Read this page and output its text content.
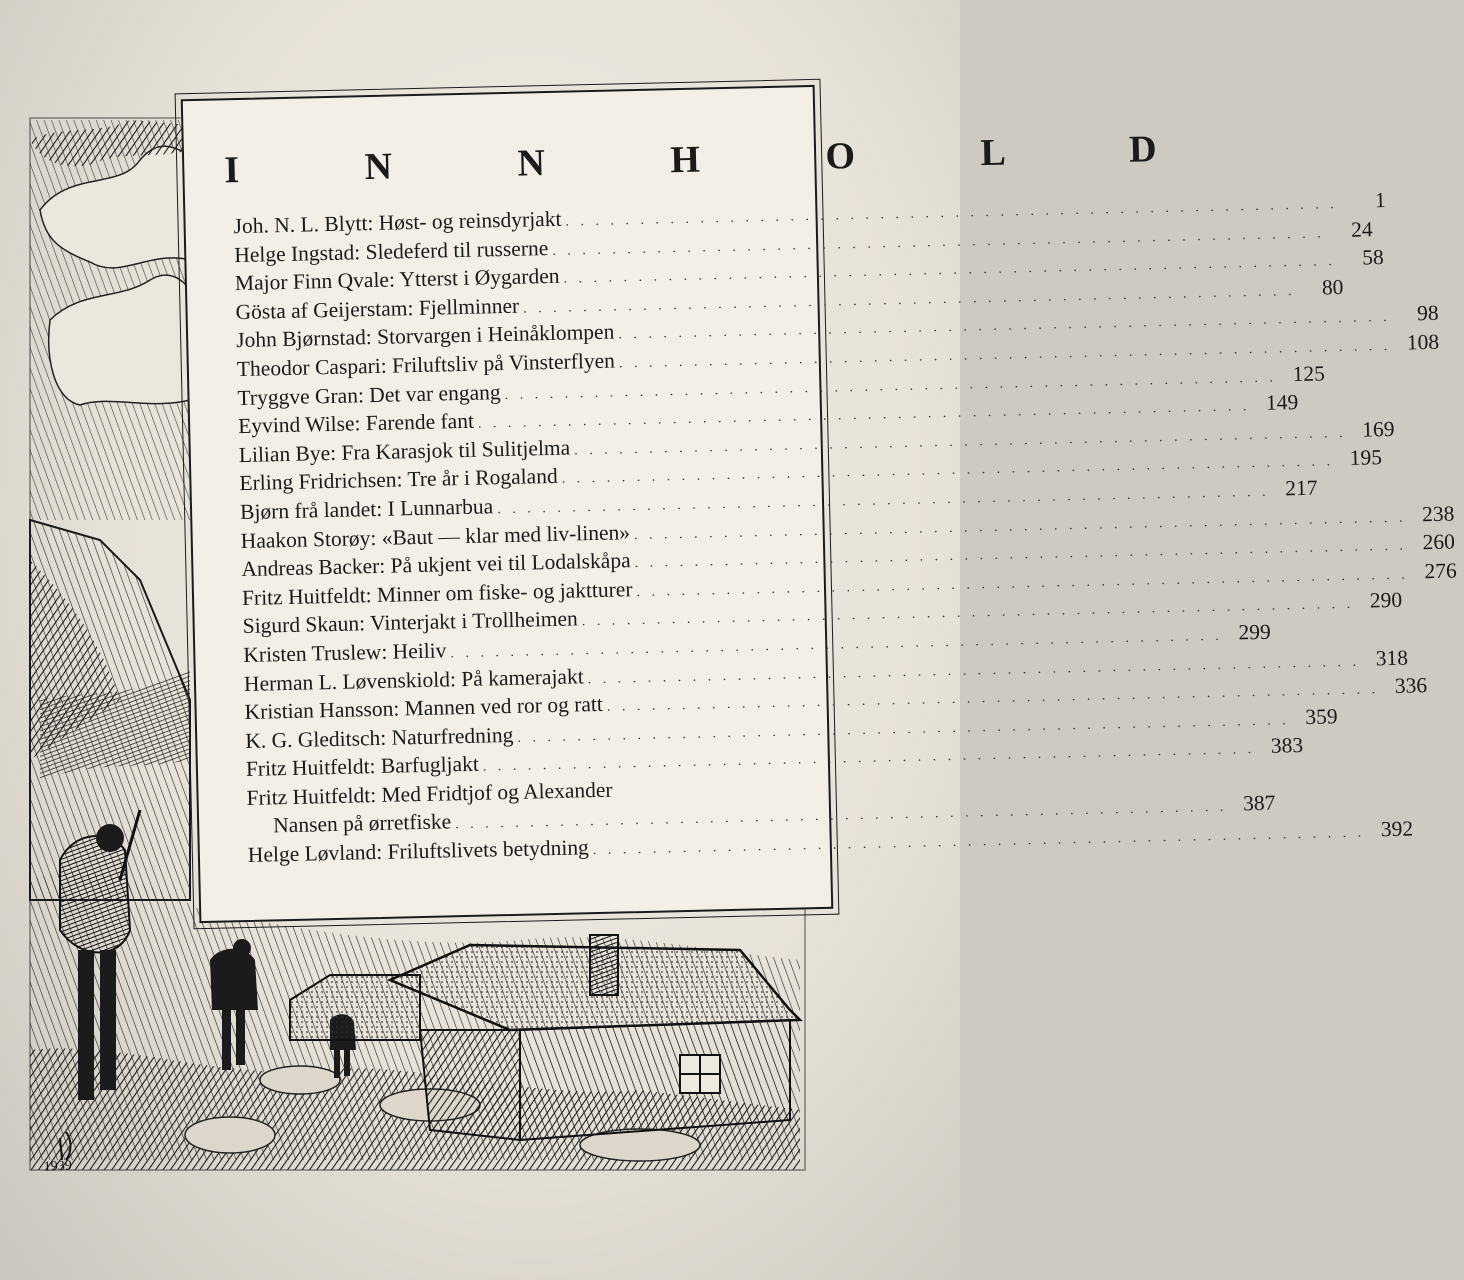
1939
I N N H O L D
Joh. N. L. Blytt: Høst- og reinsdyrjakt
. . .
1
Helge Ingstad: Sledeferd til russerne
. . .
24
Major Finn Qvale: Ytterst i Øygarden
. . .
58
Gösta af Geijerstam: Fjellminner
. . .
80
John Bjørnstad: Storvargen i Heinåklompen
. . .
98
Theodor Caspari: Friluftsliv på Vinsterflyen
. . .
108
Tryggve Gran: Det var engang
. . .
125
Eyvind Wilse: Farende fant
. . .
149
Lilian Bye: Fra Karasjok til Sulitjelma
. . .
169
Erling Fridrichsen: Tre år i Rogaland
. . .
195
Bjørn frå landet: I Lunnarbua
. . .
217
Haakon Storøy: «Baut — klar med liv-linen»
. . .
238
Andreas Backer: På ukjent vei til Lodalskåpa
. . .
260
Fritz Huitfeldt: Minner om fiske- og jaktturer
. . .
276
Sigurd Skaun: Vinterjakt i Trollheimen
. . .
290
Kristen Truslew: Heiliv
. . .
299
Herman L. Løvenskiold: På kamerajakt
. . .
318
Kristian Hansson: Mannen ved ror og ratt
. . .
336
K. G. Gleditsch: Naturfredning
. . .
359
Fritz Huitfeldt: Barfugljakt
. . .
383
Fritz Huitfeldt: Med Fridtjof og Alexander
Nansen på ørretfiske
. . .
387
Helge Løvland: Friluftslivets betydning
. . .
392
